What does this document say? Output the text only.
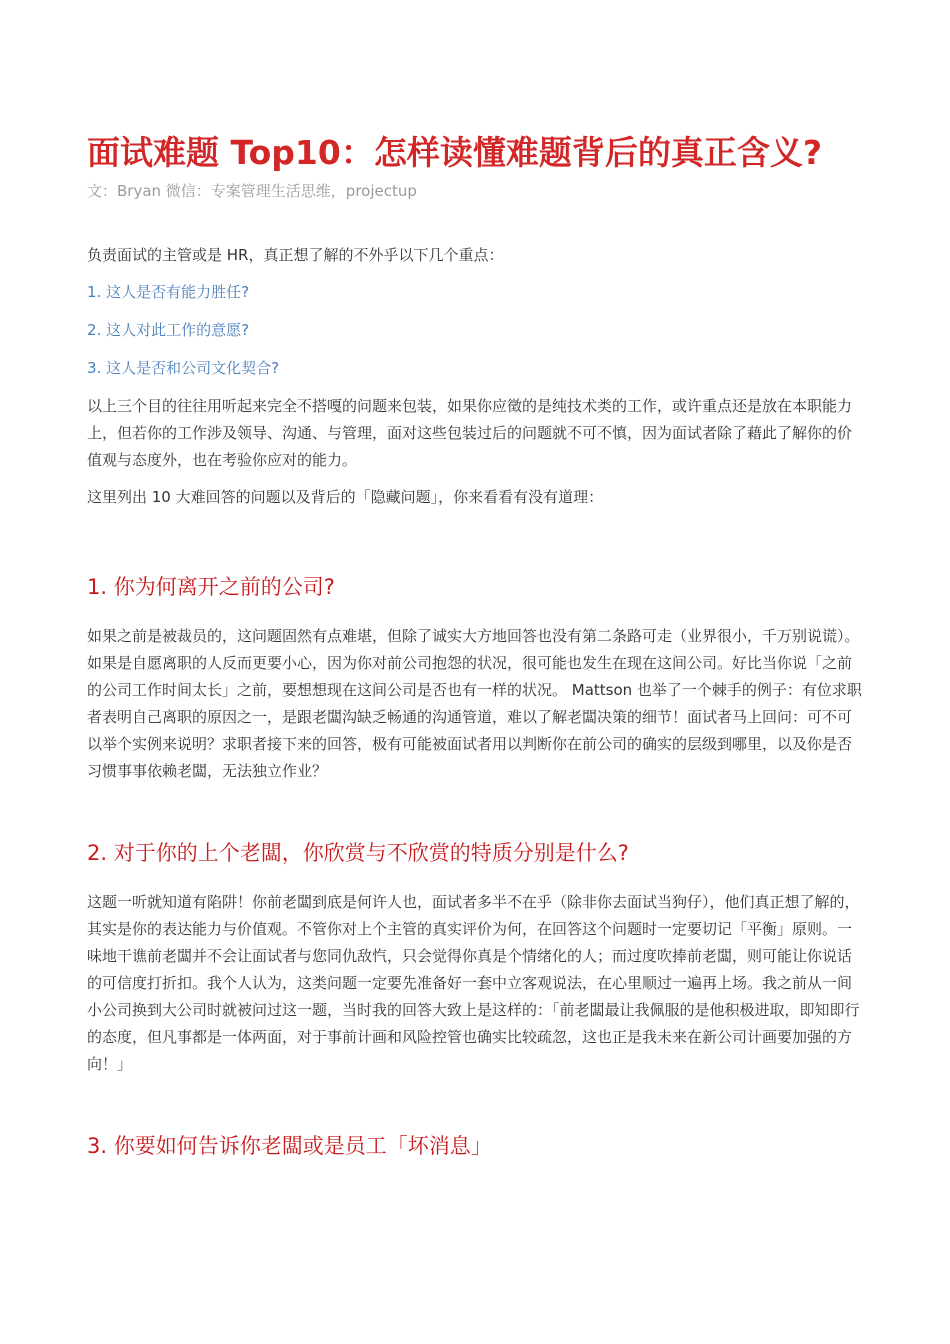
面试难题 Top10：怎样读懂难题背后的真正含义?

文：Bryan 微信：专案管理生活思维，projectup

负责面试的主管或是 HR，真正想了解的不外乎以下几个重点：

1. 这人是否有能力胜任?
2. 这人对此工作的意愿?
3. 这人是否和公司文化契合?

以上三个目的往往用听起来完全不搭嘎的问题来包装，如果你应徵的是纯技术类的工作，或许重点还是放在本职能力上，但若你的工作涉及领导、沟通、与管理，面对这些包装过后的问题就不可不慎，因为面试者除了藉此了解你的价值观与态度外，也在考验你应对的能力。

这里列出 10 大难回答的问题以及背后的「隐藏问题」，你来看看有没有道理：

1. 你为何离开之前的公司?

如果之前是被裁员的，这问题固然有点难堪，但除了诚实大方地回答也没有第二条路可走（业界很小，千万别说谎）。如果是自愿离职的人反而更要小心，因为你对前公司抱怨的状况，很可能也发生在现在这间公司。好比当你说「之前的公司工作时间太长」之前，要想想现在这间公司是否也有一样的状况。 Mattson 也举了一个棘手的例子：有位求职者表明自己离职的原因之一，是跟老闆沟缺乏畅通的沟通管道，难以了解老闆决策的细节！面试者马上回问：可不可以举个实例来说明？求职者接下来的回答，极有可能被面试者用以判断你在前公司的确实的层级到哪里，以及你是否习惯事事依赖老闆，无法独立作业？

2. 对于你的上个老闆，你欣赏与不欣赏的特质分别是什么?

这题一听就知道有陷阱！你前老闆到底是何许人也，面试者多半不在乎（除非你去面试当狗仔），他们真正想了解的，其实是你的表达能力与价值观。不管你对上个主管的真实评价为何，在回答这个问题时一定要切记「平衡」原则。一味地干谯前老闆并不会让面试者与您同仇敌忾，只会觉得你真是个情绪化的人；而过度吹捧前老闆，则可能让你说话的可信度打折扣。我个人认为，这类问题一定要先准备好一套中立客观说法，在心里顺过一遍再上场。我之前从一间小公司换到大公司时就被问过这一题，当时我的回答大致上是这样的：「前老闆最让我佩服的是他积极进取，即知即行的态度，但凡事都是一体两面，对于事前计画和风险控管也确实比较疏忽，这也正是我未来在新公司计画要加强的方向！」

3. 你要如何告诉你老闆或是员工「坏消息」
